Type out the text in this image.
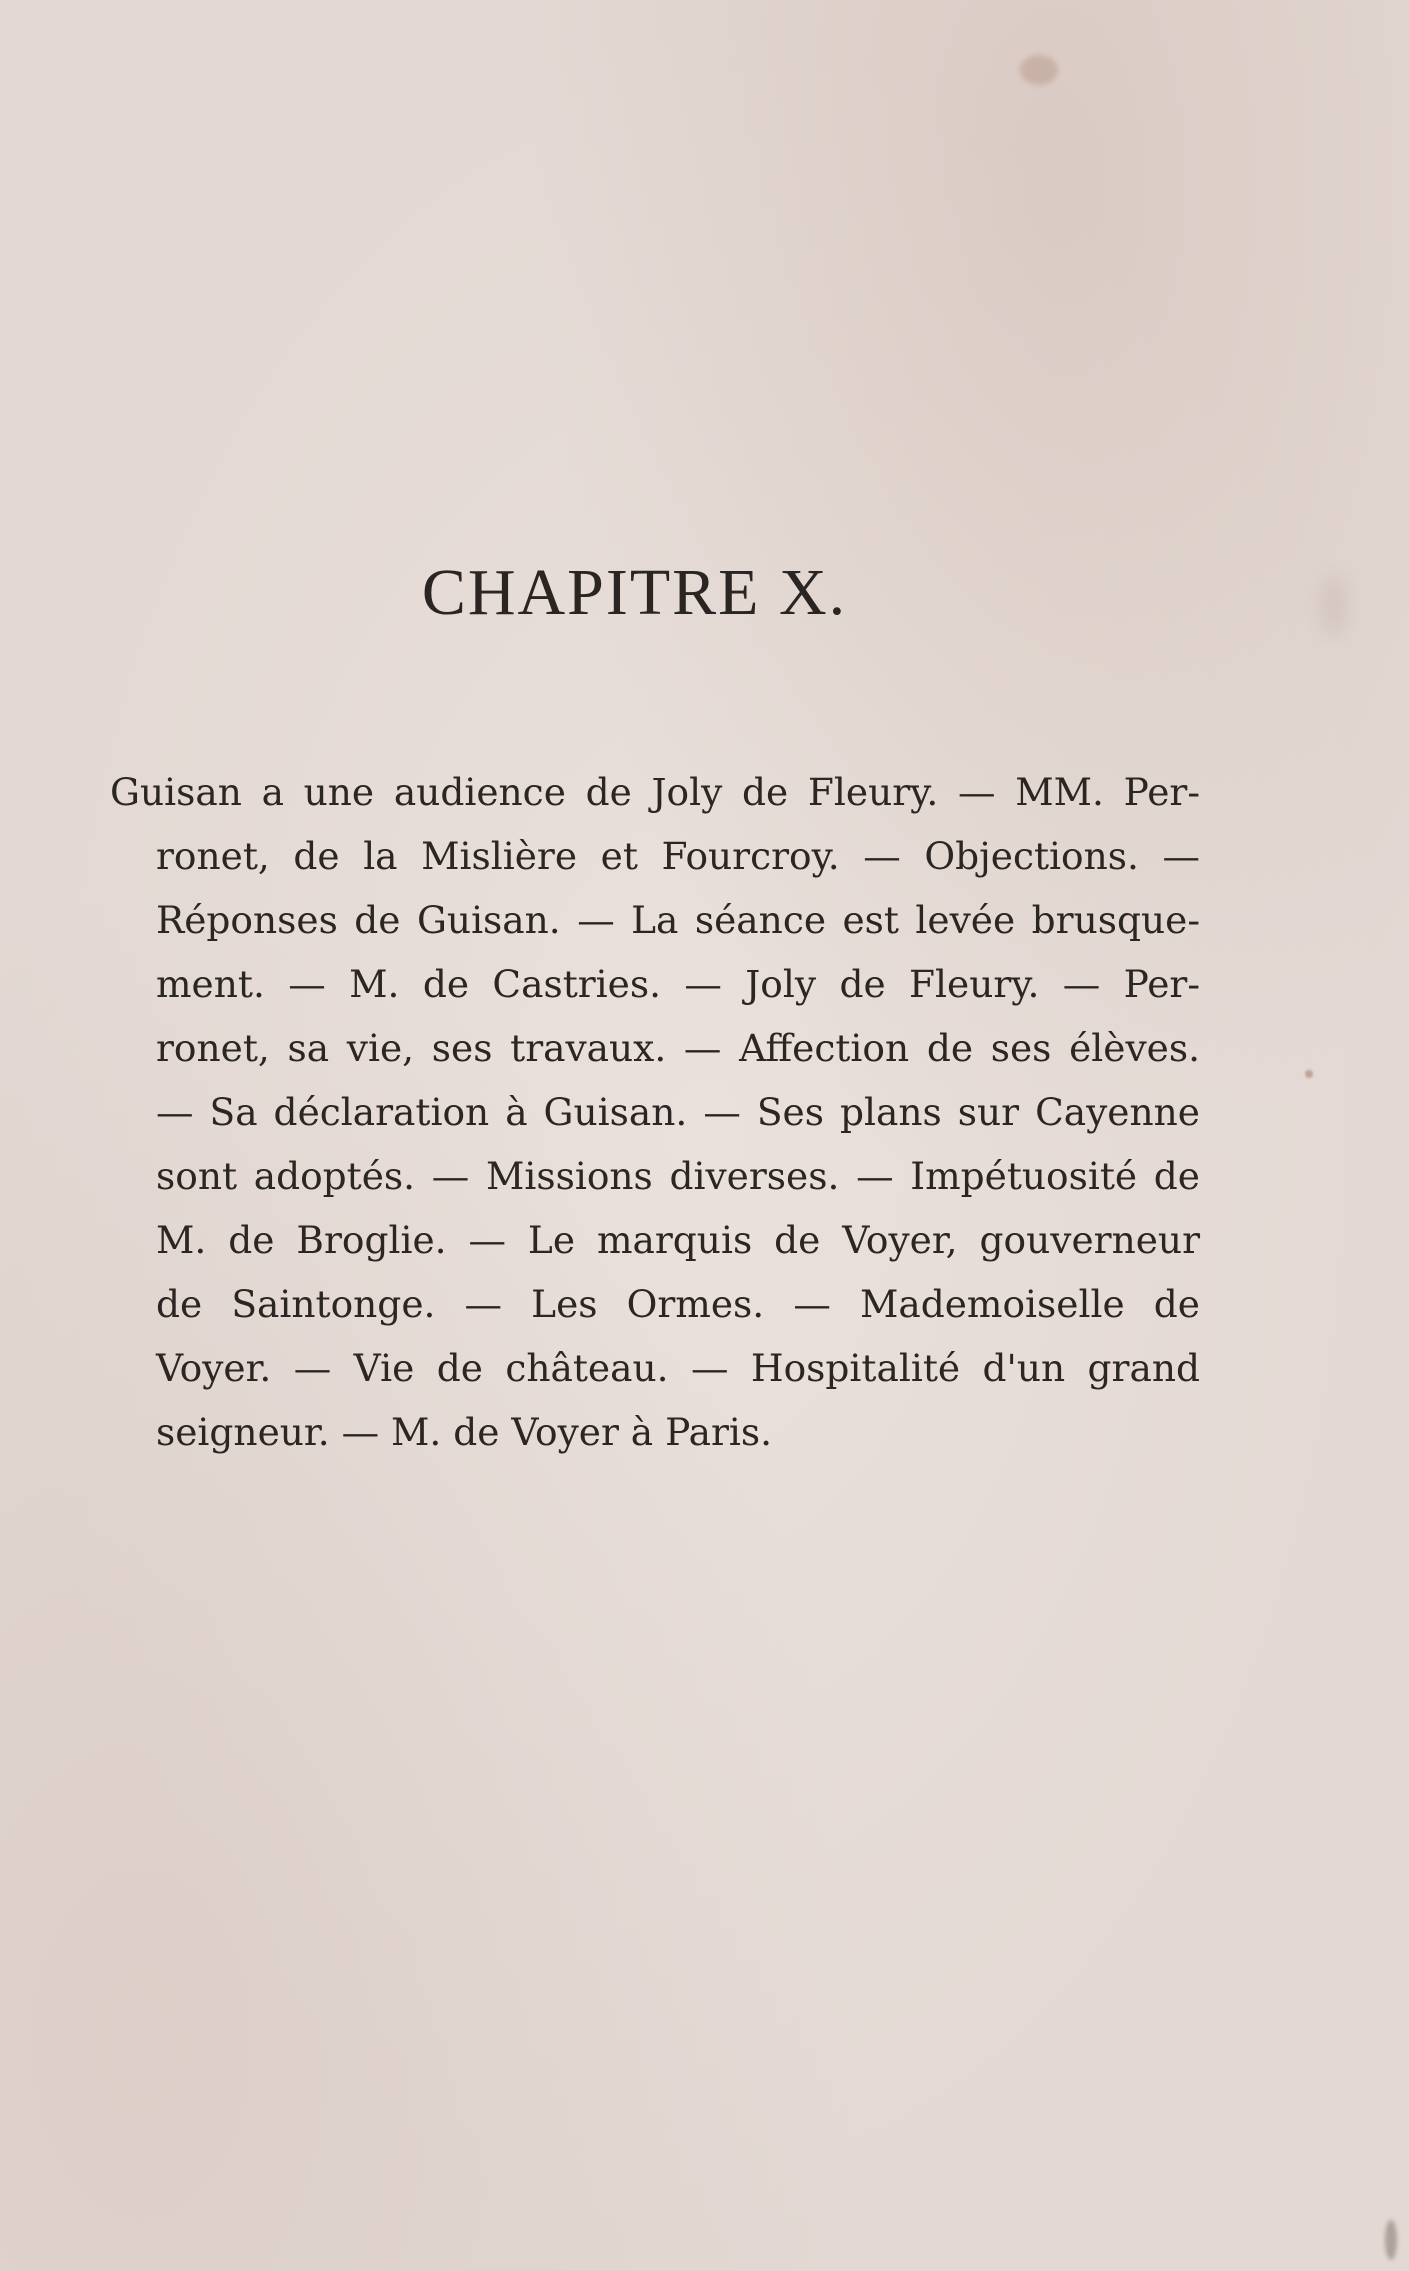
CHAPITRE X.
Guisan a une audience de Joly de Fleury. — MM. Per-
ronet, de la Mislière et Fourcroy. — Objections. —
Réponses de Guisan. — La séance est levée brusque-
ment. — M. de Castries. — Joly de Fleury. — Per-
ronet, sa vie, ses travaux. — Affection de ses élèves.
— Sa déclaration à Guisan. — Ses plans sur Cayenne
sont adoptés. — Missions diverses. — Impétuosité de
M. de Broglie. — Le marquis de Voyer, gouverneur
de Saintonge. — Les Ormes. — Mademoiselle de
Voyer. — Vie de château. — Hospitalité d'un grand
seigneur. — M. de Voyer à Paris.
